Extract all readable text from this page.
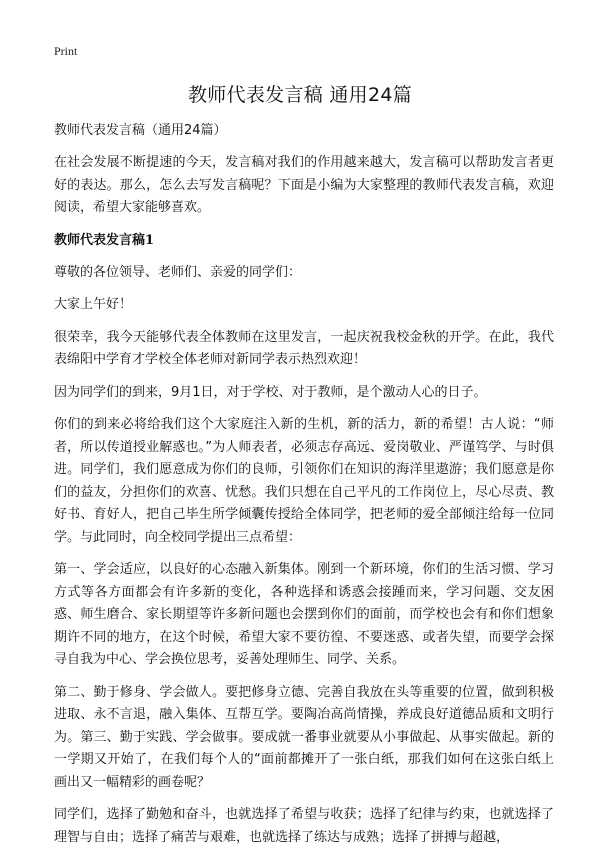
Print
教师代表发言稿 通用24篇

教师代表发言稿（通用24篇）

在社会发展不断提速的今天，发言稿对我们的作用越来越大，发言稿可以帮助发言者更好的表达。那么，怎么去写发言稿呢？下面是小编为大家整理的教师代表发言稿，欢迎阅读，希望大家能够喜欢。

教师代表发言稿1

尊敬的各位领导、老师们、亲爱的同学们：

大家上午好！

很荣幸，我今天能够代表全体教师在这里发言，一起庆祝我校金秋的开学。在此，我代表绵阳中学育才学校全体老师对新同学表示热烈欢迎！

因为同学们的到来，9月1日，对于学校、对于教师，是个激动人心的日子。

你们的到来必将给我们这个大家庭注入新的生机，新的活力，新的希望！古人说：“师者，所以传道授业解惑也。”为人师表者，必须志存高远、爱岗敬业、严谨笃学、与时俱进。同学们，我们愿意成为你们的良师，引领你们在知识的海洋里遨游；我们愿意是你们的益友，分担你们的欢喜、忧愁。我们只想在自己平凡的工作岗位上，尽心尽责、教好书、育好人，把自己毕生所学倾囊传授给全体同学，把老师的爱全部倾注给每一位同学。与此同时，向全校同学提出三点希望：

第一、学会适应，以良好的心态融入新集体。刚到一个新环境，你们的生活习惯、学习方式等各方面都会有许多新的变化，各种选择和诱惑会接踵而来，学习问题、交友困惑、师生磨合、家长期望等许多新问题也会摆到你们的面前，而学校也会有和你们想象期许不同的地方，在这个时候，希望大家不要彷徨、不要迷惑、或者失望，而要学会探寻自我为中心、学会换位思考，妥善处理师生、同学、关系。

第二、勤于修身、学会做人。要把修身立德、完善自我放在头等重要的位置，做到积极进取、永不言退，融入集体、互帮互学。要陶冶高尚情操，养成良好道德品质和文明行为。第三、勤于实践、学会做事。要成就一番事业就要从小事做起、从事实做起。新的一学期又开始了，在我们每个人的“面前都摊开了一张白纸，那我们如何在这张白纸上画出又一幅精彩的画卷呢？

同学们，选择了勤勉和奋斗，也就选择了希望与收获；选择了纪律与约束，也就选择了理智与自由；选择了痛苦与艰难，也就选择了练达与成熟；选择了拼搏与超越，
